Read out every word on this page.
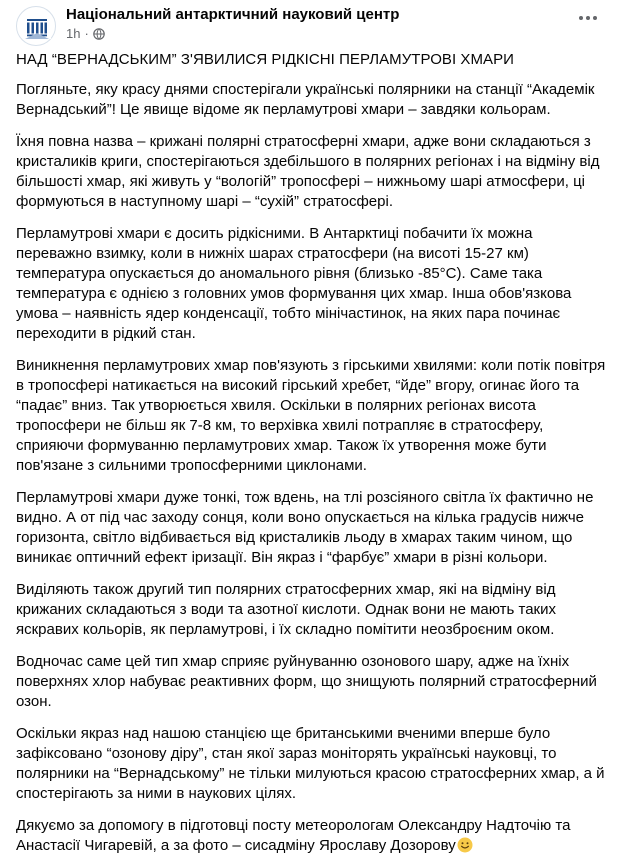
Національний антарктичний науковий центр
1h ·
НАД “ВЕРНАДСЬКИМ” З'ЯВИЛИСЯ РІДКІСНІ ПЕРЛАМУТРОВІ ХМАРИ

Погляньте, яку красу днями спостерігали українські полярники на станції “Академік Вернадський”! Це явище відоме як перламутрові хмари – завдяки кольорам.

Їхня повна назва – крижані полярні стратосферні хмари, адже вони складаються з кристаликів криги, спостерігаються здебільшого в полярних регіонах і на відміну від більшості хмар, які живуть у “вологій” тропосфері – нижньому шарі атмосфери, ці формуються в наступному шарі – “сухій” стратосфері.

Перламутрові хмари є досить рідкісними. В Антарктиці побачити їх можна переважно взимку, коли в нижніх шарах стратосфери (на висоті 15-27 км) температура опускається до аномального рівня (близько -85°С). Саме така температура є однією з головних умов формування цих хмар. Інша обов'язкова умова – наявність ядер конденсації, тобто мінічастинок, на яких пара починає переходити в рідкий стан.

Виникнення перламутрових хмар пов'язують з гірськими хвилями: коли потік повітря в тропосфері натикається на високий гірський хребет, “йде” вгору, огинає його та “падає” вниз. Так утворюється хвиля. Оскільки в полярних регіонах висота тропосфери не більш як 7-8 км, то верхівка хвилі потрапляє в стратосферу, сприяючи формуванню перламутрових хмар. Також їх утворення може бути пов'язане з сильними тропосферними циклонами.

Перламутрові хмари дуже тонкі, тож вдень, на тлі розсіяного світла їх фактично не видно. А от під час заходу сонця, коли воно опускається на кілька градусів нижче горизонта, світло відбивається від кристаликів льоду в хмарах таким чином, що виникає оптичний ефект іризації. Він якраз і “фарбує” хмари в різні кольори.

Виділяють також другий тип полярних стратосферних хмар, які на відміну від крижаних складаються з води та азотної кислоти. Однак вони не мають таких яскравих кольорів, як перламутрові, і їх складно помітити неозброєним оком.

Водночас саме цей тип хмар сприяє руйнуванню озонового шару, адже на їхніх поверхнях хлор набуває реактивних форм, що знищують полярний стратосферний озон.

Оскільки якраз над нашою станцією ще британськими вченими вперше було зафіксовано “озонову діру”, стан якої зараз моніторять українські науковці, то полярники на “Вернадському” не тільки милуються красою стратосферних хмар, а й спостерігають за ними в наукових цілях.

Дякуємо за допомогу в підготовці посту метеорологам Олександру Надточію та Анастасії Чигаревій, а за фото – сисадміну Ярославу Дозорову
